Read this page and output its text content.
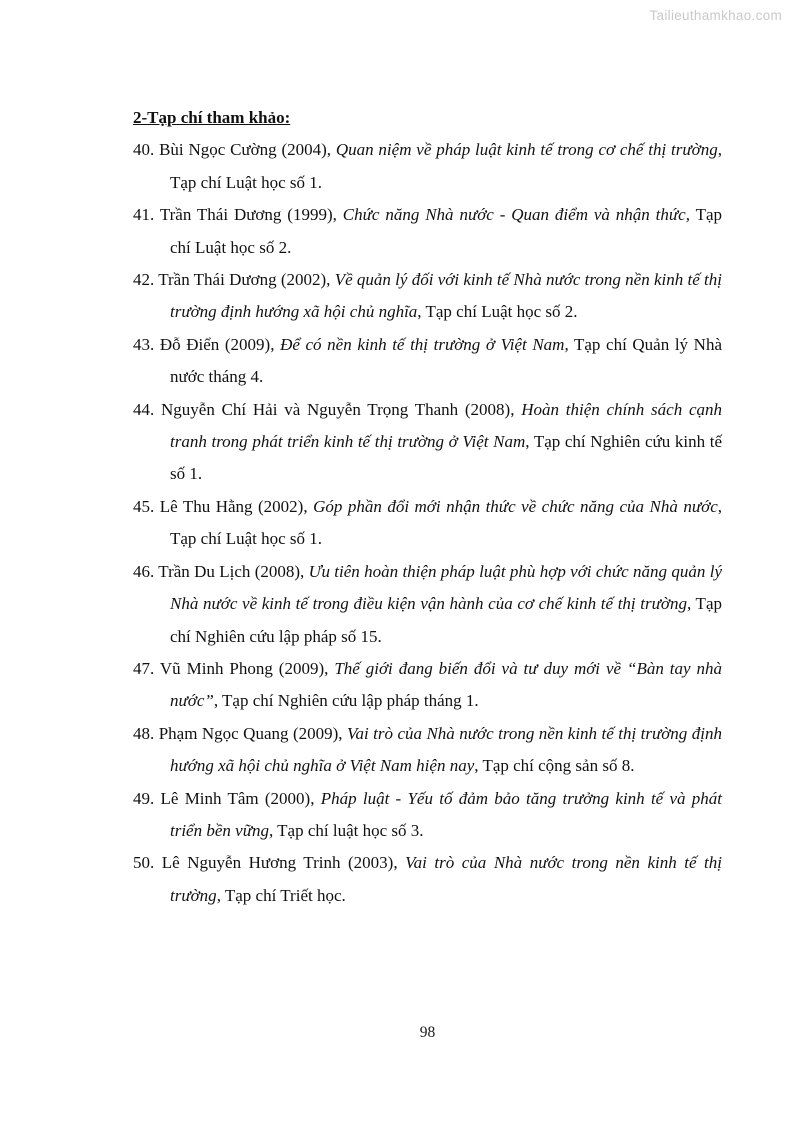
Tailieuthamkhao.com
2-Tạp chí tham khảo:

40. Bùi Ngọc Cường (2004), Quan niệm về pháp luật kinh tế trong cơ chế thị trường, Tạp chí Luật học số 1.

41. Trần Thái Dương (1999), Chức năng Nhà nước - Quan điểm và nhận thức, Tạp chí Luật học số 2.

42. Trần Thái Dương (2002), Về quản lý đối với kinh tế Nhà nước trong nền kinh tế thị trường định hướng xã hội chủ nghĩa, Tạp chí Luật học số 2.

43. Đỗ Điển (2009), Để có nền kinh tế thị trường ở Việt Nam, Tạp chí Quản lý Nhà nước tháng 4.

44. Nguyễn Chí Hải và Nguyễn Trọng Thanh (2008), Hoàn thiện chính sách cạnh tranh trong phát triển kinh tế thị trường ở Việt Nam, Tạp chí Nghiên cứu kinh tế số 1.

45. Lê Thu Hằng (2002), Góp phần đổi mới nhận thức về chức năng của Nhà nước, Tạp chí Luật học số 1.

46. Trần Du Lịch (2008), Ưu tiên hoàn thiện pháp luật phù hợp với chức năng quản lý Nhà nước về kinh tế trong điều kiện vận hành của cơ chế kinh tế thị trường, Tạp chí Nghiên cứu lập pháp số 15.

47. Vũ Minh Phong (2009), Thế giới đang biến đổi và tư duy mới về “Bàn tay nhà nước”, Tạp chí Nghiên cứu lập pháp tháng 1.

48. Phạm Ngọc Quang (2009), Vai trò của Nhà nước trong nền kinh tế thị trường định hướng xã hội chủ nghĩa ở Việt Nam hiện nay, Tạp chí cộng sản số 8.

49. Lê Minh Tâm (2000), Pháp luật - Yếu tố đảm bảo tăng trưởng kinh tế và phát triển bền vững, Tạp chí luật học số 3.

50. Lê Nguyễn Hương Trinh (2003), Vai trò của Nhà nước trong nền kinh tế thị trường, Tạp chí Triết học.

98
